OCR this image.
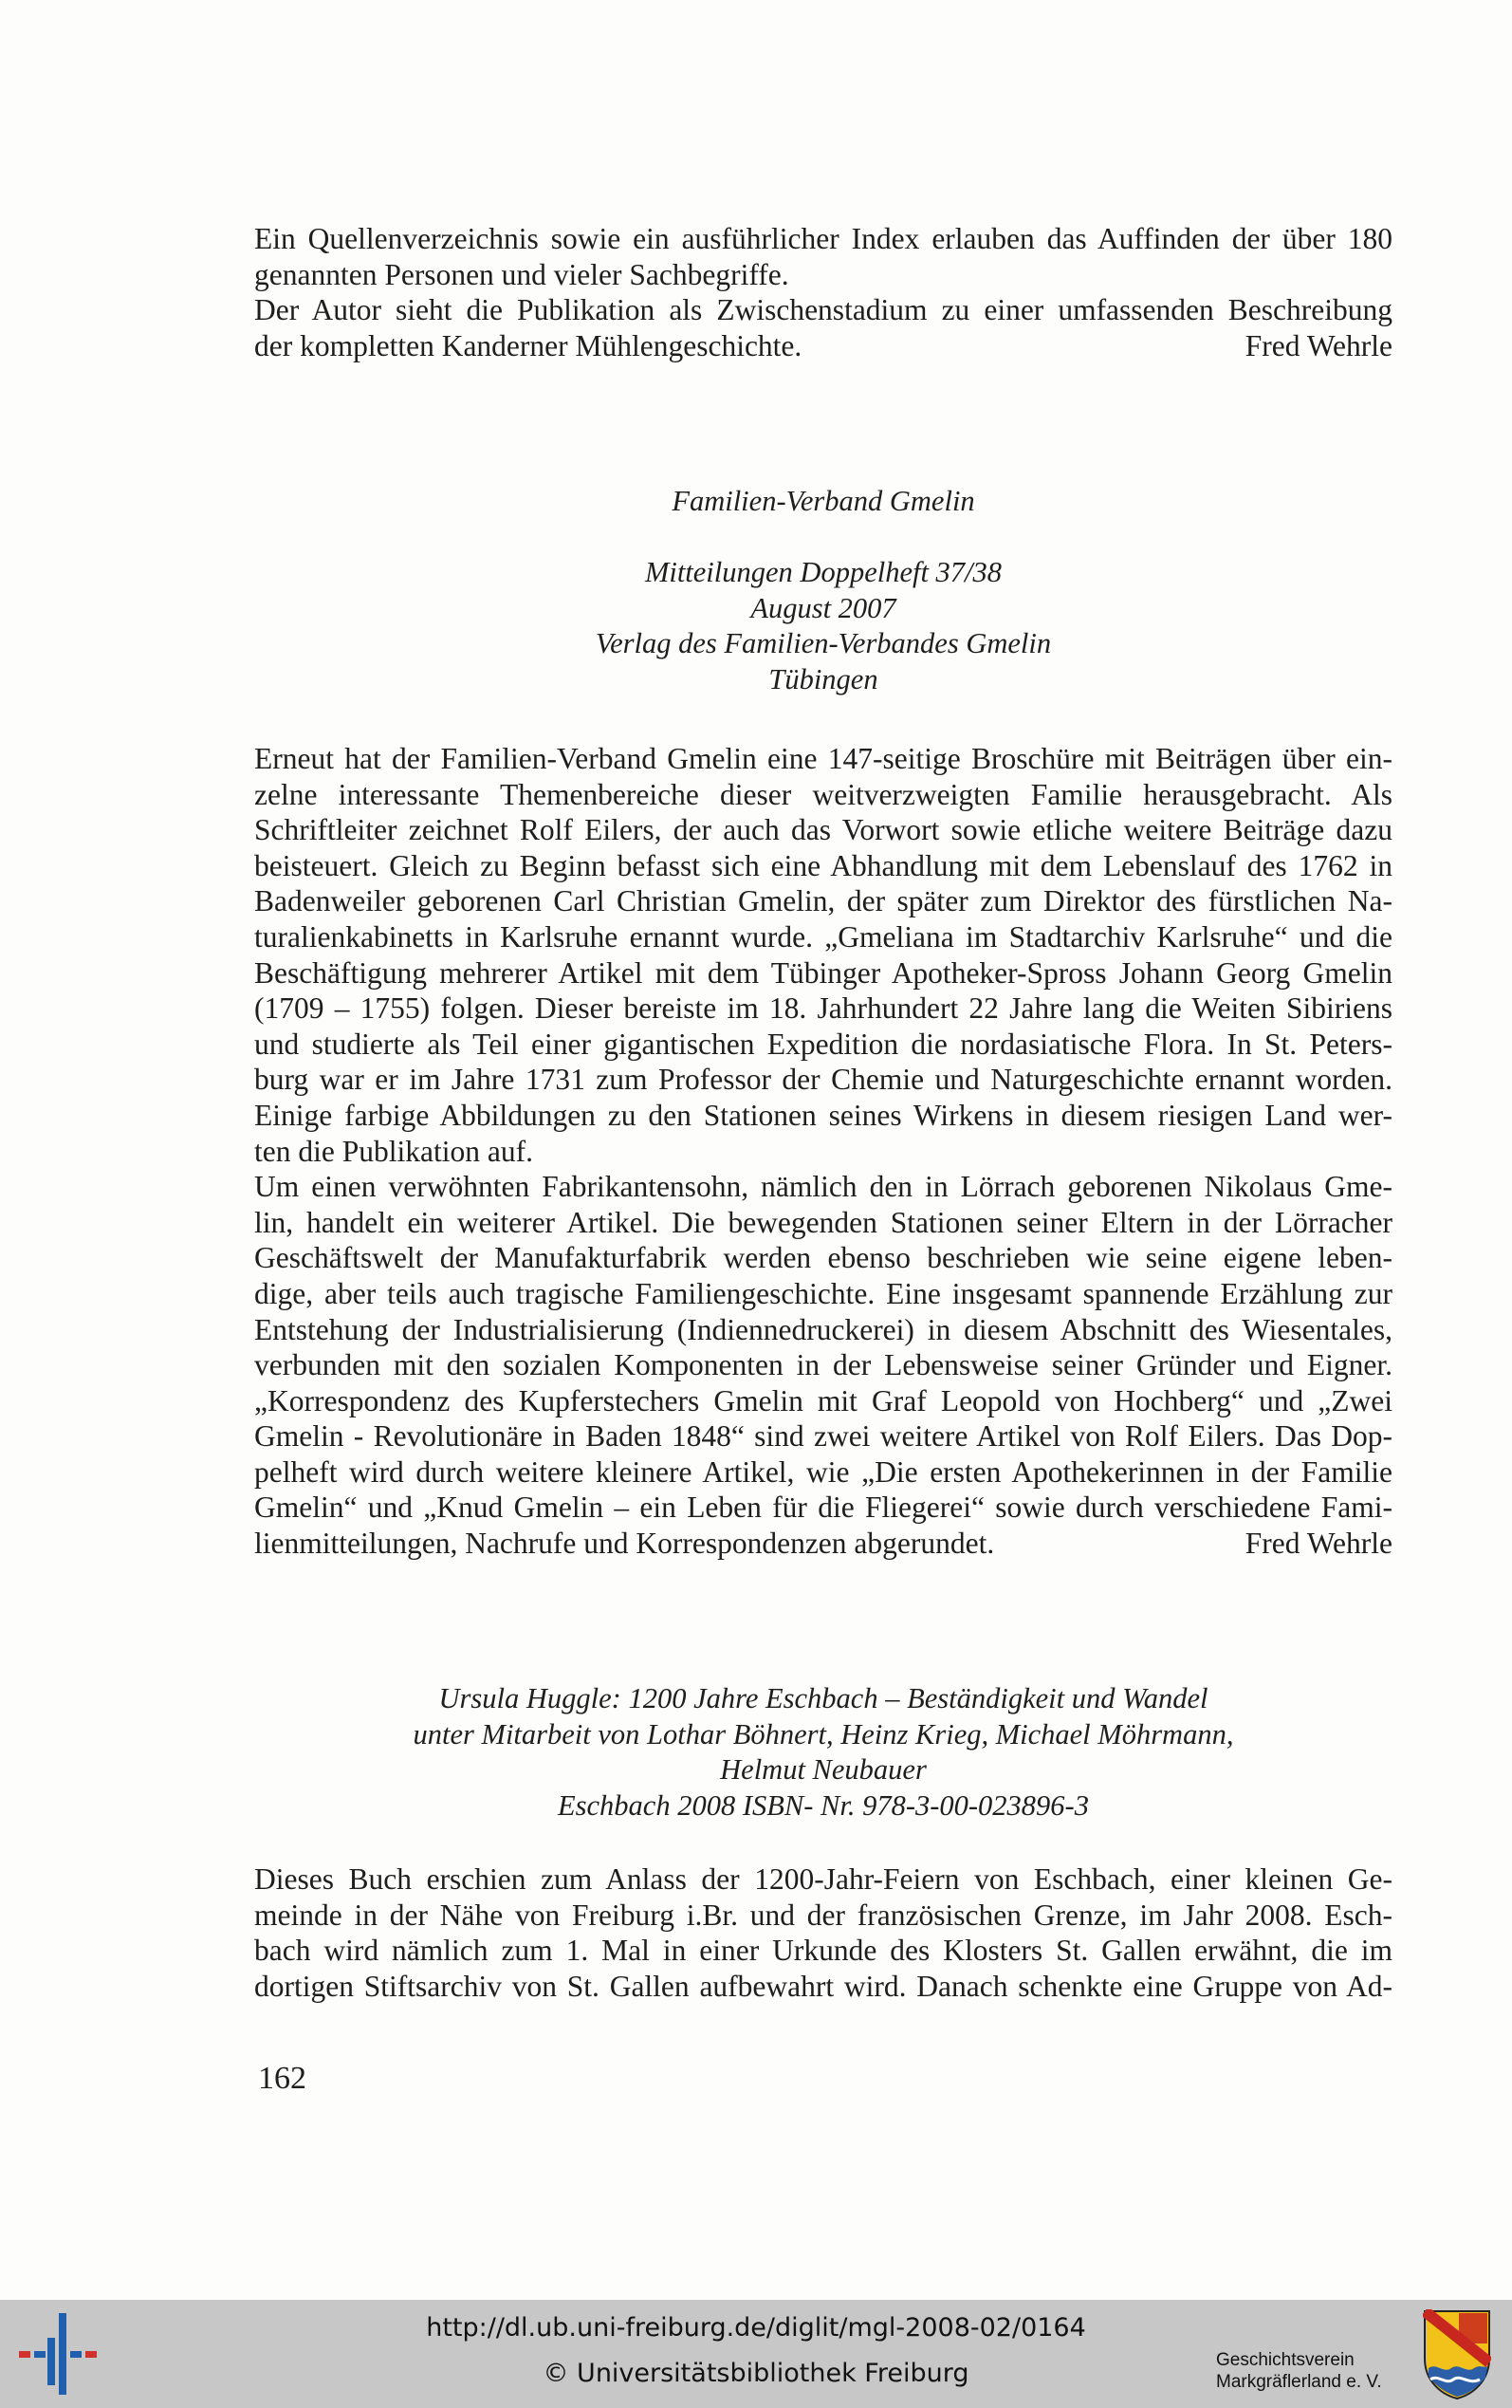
Ein Quellenverzeichnis sowie ein ausführlicher Index erlauben das Auffinden der über 180

genannten Personen und vieler Sachbegriffe.

Der Autor sieht die Publikation als Zwischenstadium zu einer umfassenden Beschreibung

der kompletten Kanderner Mühlengeschichte.	Fred Wehrle
Familien-Verband Gmelin
Mitteilungen Doppelheft 37/38
August 2007
Verlag des Familien-Verbandes Gmelin
Tübingen

Erneut hat der Familien-Verband Gmelin eine 147-seitige Broschüre mit Beiträgen über ein-

zelne interessante Themenbereiche dieser weitverzweigten Familie herausgebracht. Als

Schriftleiter zeichnet Rolf Eilers, der auch das Vorwort sowie etliche weitere Beiträge dazu

beisteuert. Gleich zu Beginn befasst sich eine Abhandlung mit dem Lebenslauf des 1762 in

Badenweiler geborenen Carl Christian Gmelin, der später zum Direktor des fürstlichen Na-

turalienkabinetts in Karlsruhe ernannt wurde. „Gmeliana im Stadtarchiv Karlsruhe“ und die

Beschäftigung mehrerer Artikel mit dem Tübinger Apotheker-Spross Johann Georg Gmelin

(1709 – 1755) folgen. Dieser bereiste im 18. Jahrhundert 22 Jahre lang die Weiten Sibiriens

und studierte als Teil einer gigantischen Expedition die nordasiatische Flora. In St. Peters-

burg war er im Jahre 1731 zum Professor der Chemie und Naturgeschichte ernannt worden.

Einige farbige Abbildungen zu den Stationen seines Wirkens in diesem riesigen Land wer-

ten die Publikation auf.

Um einen verwöhnten Fabrikantensohn, nämlich den in Lörrach geborenen Nikolaus Gme-

lin, handelt ein weiterer Artikel. Die bewegenden Stationen seiner Eltern in der Lörracher

Geschäftswelt der Manufakturfabrik werden ebenso beschrieben wie seine eigene leben-

dige, aber teils auch tragische Familiengeschichte. Eine insgesamt spannende Erzählung zur

Entstehung der Industrialisierung (Indiennedruckerei) in diesem Abschnitt des Wiesentales,

verbunden mit den sozialen Komponenten in der Lebensweise seiner Gründer und Eigner.

„Korrespondenz des Kupferstechers Gmelin mit Graf Leopold von Hochberg“ und „Zwei

Gmelin - Revolutionäre in Baden 1848“ sind zwei weitere Artikel von Rolf Eilers. Das Dop-

pelheft wird durch weitere kleinere Artikel, wie „Die ersten Apothekerinnen in der Familie

Gmelin“ und „Knud Gmelin – ein Leben für die Fliegerei“ sowie durch verschiedene Fami-

lienmitteilungen, Nachrufe und Korrespondenzen abgerundet.	Fred Wehrle
Ursula Huggle: 1200 Jahre Eschbach – Beständigkeit und Wandel
unter Mitarbeit von Lothar Böhnert, Heinz Krieg, Michael Möhrmann,
Helmut Neubauer
Eschbach 2008 ISBN- Nr. 978-3-00-023896-3

Dieses Buch erschien zum Anlass der 1200-Jahr-Feiern von Eschbach, einer kleinen Ge-

meinde in der Nähe von Freiburg i.Br. und der französischen Grenze, im Jahr 2008. Esch-

bach wird nämlich zum 1. Mal in einer Urkunde des Klosters St. Gallen erwähnt, die im

dortigen Stiftsarchiv von St. Gallen aufbewahrt wird. Danach schenkte eine Gruppe von Ad-

162
http://dl.ub.uni-freiburg.de/diglit/mgl-2008-02/0164
© Universitätsbibliothek Freiburg	Geschichtsverein
Markgräflerland e. V.
